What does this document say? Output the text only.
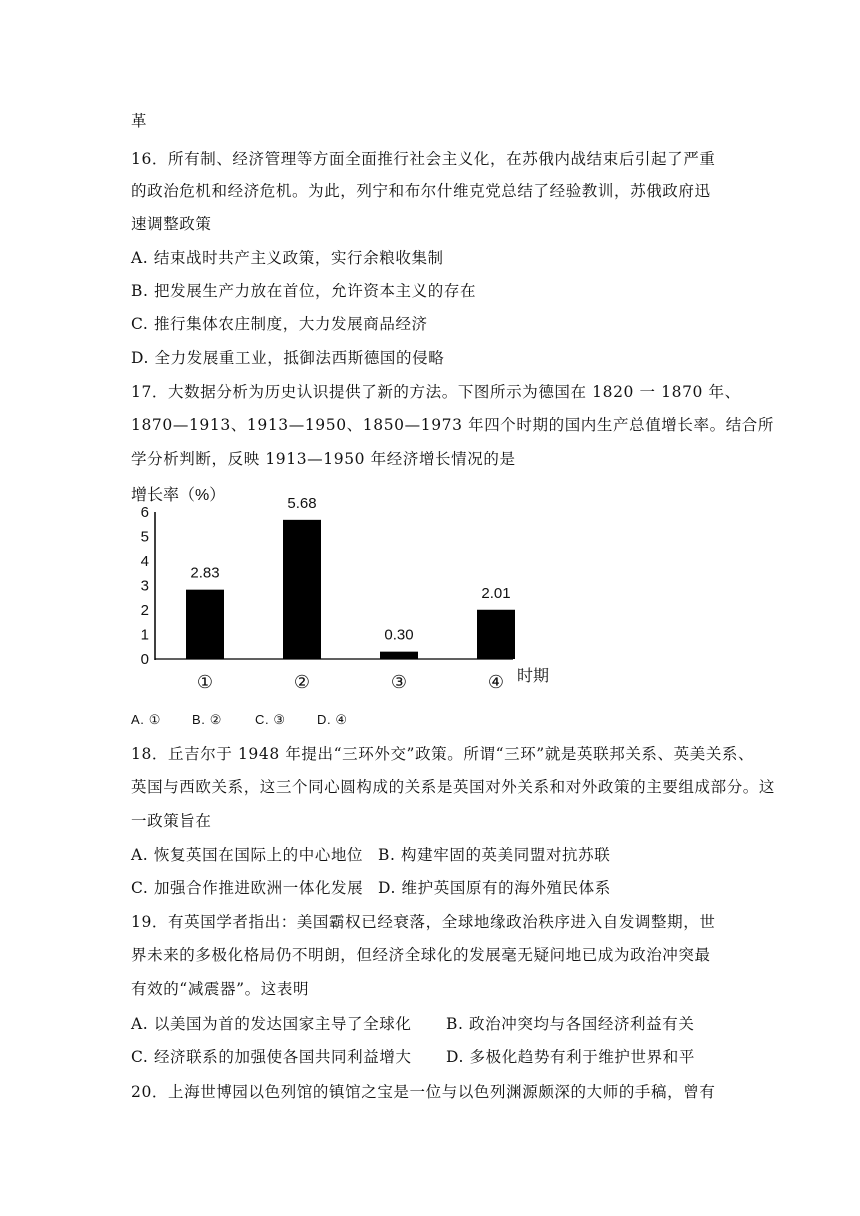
革
16．所有制、经济管理等方面全面推行社会主义化，在苏俄内战结束后引起了严重
的政治危机和经济危机。为此，列宁和布尔什维克党总结了经验教训，苏俄政府迅
速调整政策
A. 结束战时共产主义政策，实行余粮收集制
B. 把发展生产力放在首位，允许资本主义的存在
C. 推行集体农庄制度，大力发展商品经济
D. 全力发展重工业，抵御法西斯德国的侵略
17．大数据分析为历史认识提供了新的方法。下图所示为德国在 1820 一 1870 年、
1870—1913、1913—1950、1850—1973 年四个时期的国内生产总值增长率。结合所
学分析判断，反映 1913—1950 年经济增长情况的是
增长率（%）
0
1
2
3
4
5
6
2.83
5.68
0.30
2.01
①	②	③	④ 时期
A. ① B. ②	C. ③ D. ④
18．丘吉尔于 1948 年提出“三环外交”政策。所谓“三环”就是英联邦关系、英美关系、
英国与西欧关系，这三个同心圆构成的关系是英国对外关系和对外政策的主要组成部分。这
一政策旨在
A. 恢复英国在国际上的中心地位 B. 构建牢固的英美同盟对抗苏联
C. 加强合作推进欧洲一体化发展 D. 维护英国原有的海外殖民体系
19．有英国学者指出：美国霸权已经衰落，全球地缘政治秩序进入自发调整期，世
界未来的多极化格局仍不明朗，但经济全球化的发展毫无疑问地已成为政治冲突最
有效的“减震器”。这表明
A. 以美国为首的发达国家主导了全球化 B. 政治冲突均与各国经济利益有关
C. 经济联系的加强使各国共同利益增大 D. 多极化趋势有利于维护世界和平
20．上海世博园以色列馆的镇馆之宝是一位与以色列渊源颇深的大师的手稿，曾有
